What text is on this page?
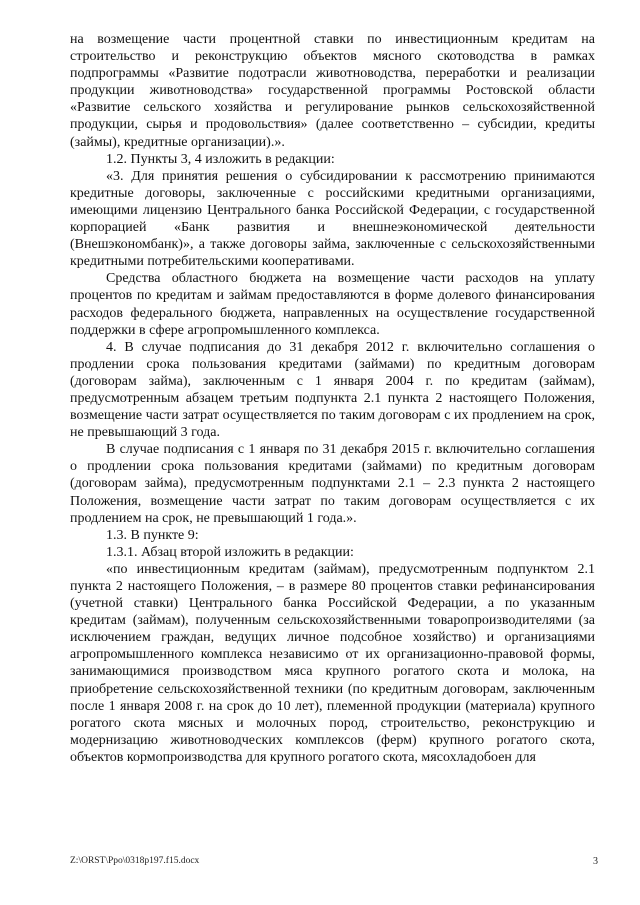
на возмещение части процентной ставки по инвестиционным кредитам на строительство и реконструкцию объектов мясного скотоводства в рамках подпрограммы «Развитие подотрасли животноводства, переработки и реализации продукции животноводства» государственной программы Ростовской области «Развитие сельского хозяйства и регулирование рынков сельскохозяйственной продукции, сырья и продовольствия» (далее соответственно – субсидии, кредиты (займы), кредитные организации).».

1.2. Пункты 3, 4 изложить в редакции:

«3. Для принятия решения о субсидировании к рассмотрению принимаются кредитные договоры, заключенные с российскими кредитными организациями, имеющими лицензию Центрального банка Российской Федерации, с государственной корпорацией «Банк развития и внешнеэкономической деятельности (Внешэкономбанк)», а также договоры займа, заключенные с сельскохозяйственными кредитными потребительскими кооперативами.

Средства областного бюджета на возмещение части расходов на уплату процентов по кредитам и займам предоставляются в форме долевого финансирования расходов федерального бюджета, направленных на осуществление государственной поддержки в сфере агропромышленного комплекса.

4. В случае подписания до 31 декабря 2012 г. включительно соглашения о продлении срока пользования кредитами (займами) по кредитным договорам (договорам займа), заключенным с 1 января 2004 г. по кредитам (займам), предусмотренным абзацем третьим подпункта 2.1 пункта 2 настоящего Положения, возмещение части затрат осуществляется по таким договорам с их продлением на срок, не превышающий 3 года.

В случае подписания с 1 января по 31 декабря 2015 г. включительно соглашения о продлении срока пользования кредитами (займами) по кредитным договорам (договорам займа), предусмотренным подпунктами 2.1 – 2.3 пункта 2 настоящего Положения, возмещение части затрат по таким договорам осуществляется с их продлением на срок, не превышающий 1 года.».

1.3. В пункте 9:

1.3.1. Абзац второй изложить в редакции:

«по инвестиционным кредитам (займам), предусмотренным подпунктом 2.1 пункта 2 настоящего Положения, – в размере 80 процентов ставки рефинансирования (учетной ставки) Центрального банка Российской Федерации, а по указанным кредитам (займам), полученным сельскохозяйственными товаропроизводителями (за исключением граждан, ведущих личное подсобное хозяйство) и организациями агропромышленного комплекса независимо от их организационно-правовой формы, занимающимися производством мяса крупного рогатого скота и молока, на приобретение сельскохозяйственной техники (по кредитным договорам, заключенным после 1 января 2008 г. на срок до 10 лет), племенной продукции (материала) крупного рогатого скота мясных и молочных пород, строительство, реконструкцию и модернизацию животноводческих комплексов (ферм) крупного рогатого скота, объектов кормопроизводства для крупного рогатого скота, мясохладобоен для

Z:\ORST\Ppo\0318p197.f15.docx	3
